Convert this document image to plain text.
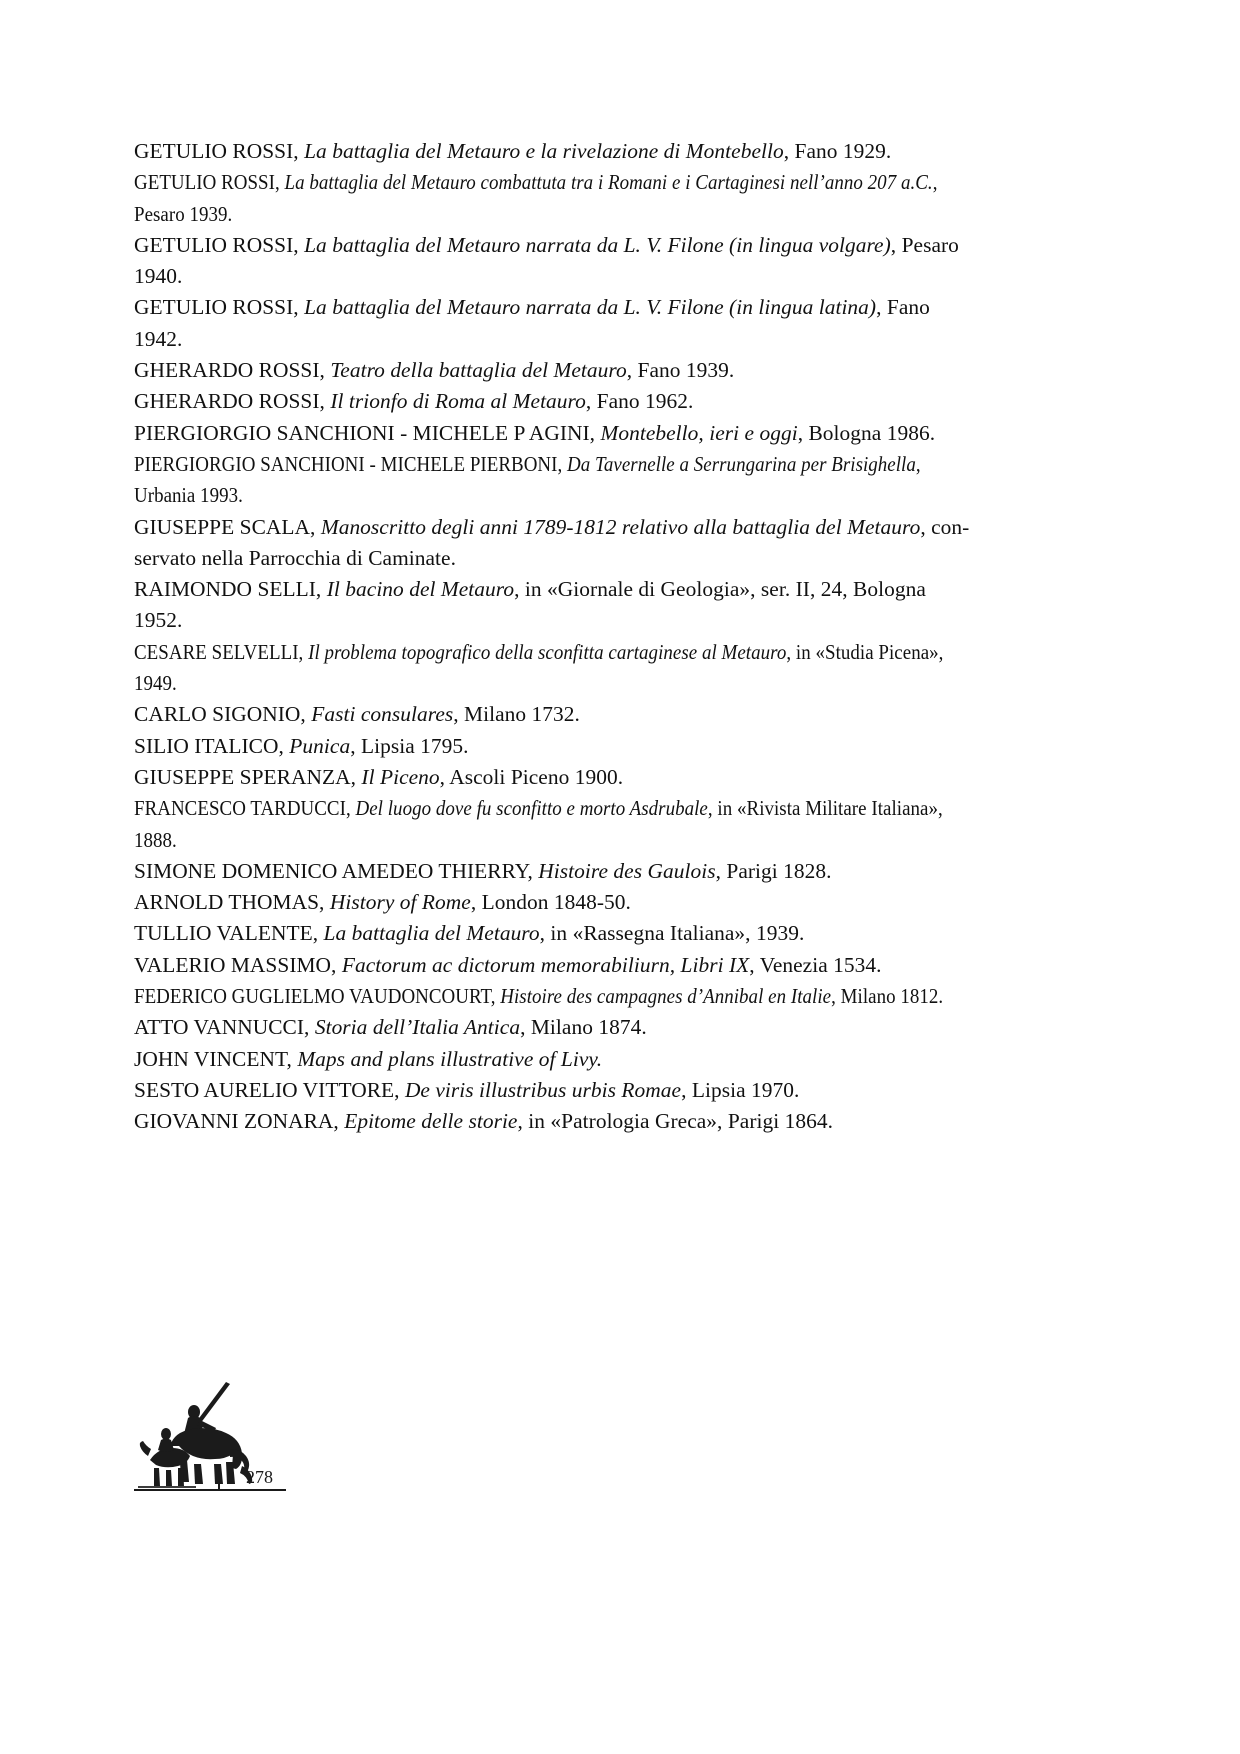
GETULIO ROSSI, La battaglia del Metauro e la rivelazione di Montebello, Fano 1929.

GETULIO ROSSI, La battaglia del Metauro combattuta tra i Romani e i Cartaginesi nell’anno 207 a.C., Pesaro 1939.

GETULIO ROSSI, La battaglia del Metauro narrata da L. V. Filone (in lingua volgare), Pesaro 1940.

GETULIO ROSSI, La battaglia del Metauro narrata da L. V. Filone (in lingua latina), Fano 1942.

GHERARDO ROSSI, Teatro della battaglia del Metauro, Fano 1939.

GHERARDO ROSSI, Il trionfo di Roma al Metauro, Fano 1962.

PIERGIORGIO SANCHIONI - MICHELE P AGINI, Montebello, ieri e oggi, Bologna 1986.

PIERGIORGIO SANCHIONI - MICHELE PIERBONI, Da Tavernelle a Serrungarina per Brisighella, Urbania 1993.

GIUSEPPE SCALA, Manoscritto degli anni 1789-1812 relativo alla battaglia del Metauro, con-servato nella Parrocchia di Caminate.

RAIMONDO SELLI, Il bacino del Metauro, in «Giornale di Geologia», ser. II, 24, Bologna 1952.

CESARE SELVELLI, Il problema topografico della sconfitta cartaginese al Metauro, in «Studia Picena», 1949.

CARLO SIGONIO, Fasti consulares, Milano 1732.

SILIO ITALICO, Punica, Lipsia 1795.

GIUSEPPE SPERANZA, Il Piceno, Ascoli Piceno 1900.

FRANCESCO TARDUCCI, Del luogo dove fu sconfitto e morto Asdrubale, in «Rivista Militare Italiana», 1888.

SIMONE DOMENICO AMEDEO THIERRY, Histoire des Gaulois, Parigi 1828.

ARNOLD THOMAS, History of Rome, London 1848-50.

TULLIO VALENTE, La battaglia del Metauro, in «Rassegna Italiana», 1939.

VALERIO MASSIMO, Factorum ac dictorum memorabiliurn, Libri IX, Venezia 1534.

FEDERICO GUGLIELMO VAUDONCOURT, Histoire des campagnes d’Annibal en Italie, Milano 1812.

ATTO VANNUCCI, Storia dell’Italia Antica, Milano 1874.

JOHN VINCENT, Maps and plans illustrative of Livy.

SESTO AURELIO VITTORE, De viris illustribus urbis Romae, Lipsia 1970.

GIOVANNI ZONARA, Epitome delle storie, in «Patrologia Greca», Parigi 1864.

278
